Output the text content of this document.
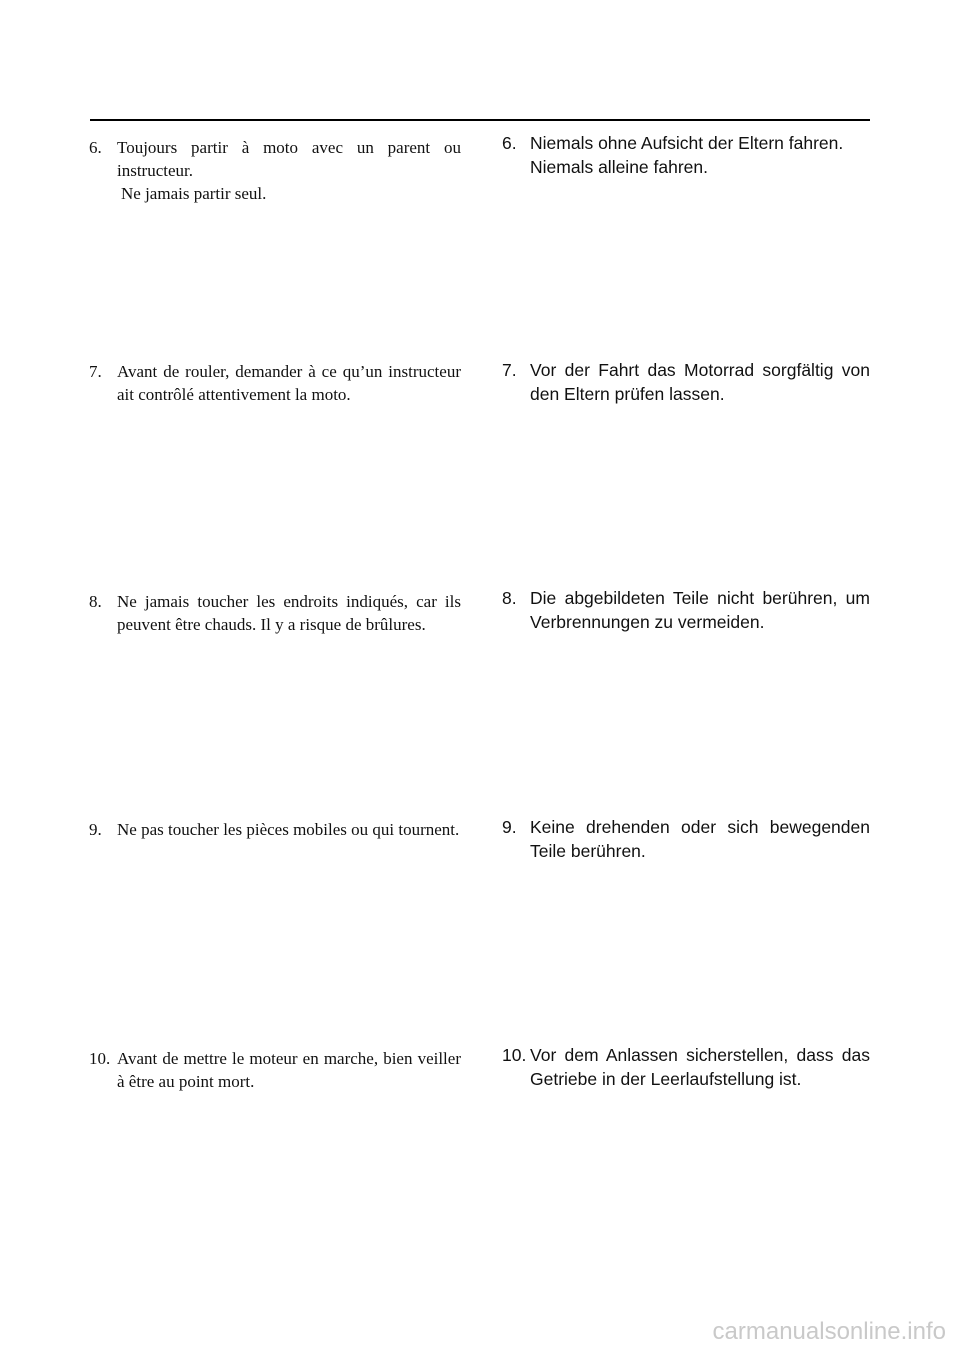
6. Toujours partir à moto avec un parent ou instructeur.
Ne jamais partir seul.
7. Avant de rouler, demander à ce qu’un instructeur ait contrôlé attentivement la moto.
8. Ne jamais toucher les endroits indiqués, car ils peuvent être chauds. Il y a risque de brûlures.
9. Ne pas toucher les pièces mobiles ou qui tournent.
10. Avant de mettre le moteur en marche, bien veiller à être au point mort.
6. Niemals ohne Aufsicht der Eltern fahren.
Niemals alleine fahren.
7. Vor der Fahrt das Motorrad sorgfältig von den Eltern prüfen lassen.
8. Die abgebildeten Teile nicht berühren, um Verbrennungen zu vermeiden.
9. Keine drehenden oder sich bewegenden Teile berühren.
10. Vor dem Anlassen sicherstellen, dass das Getriebe in der Leerlaufstellung ist.
carmanualsonline.info
